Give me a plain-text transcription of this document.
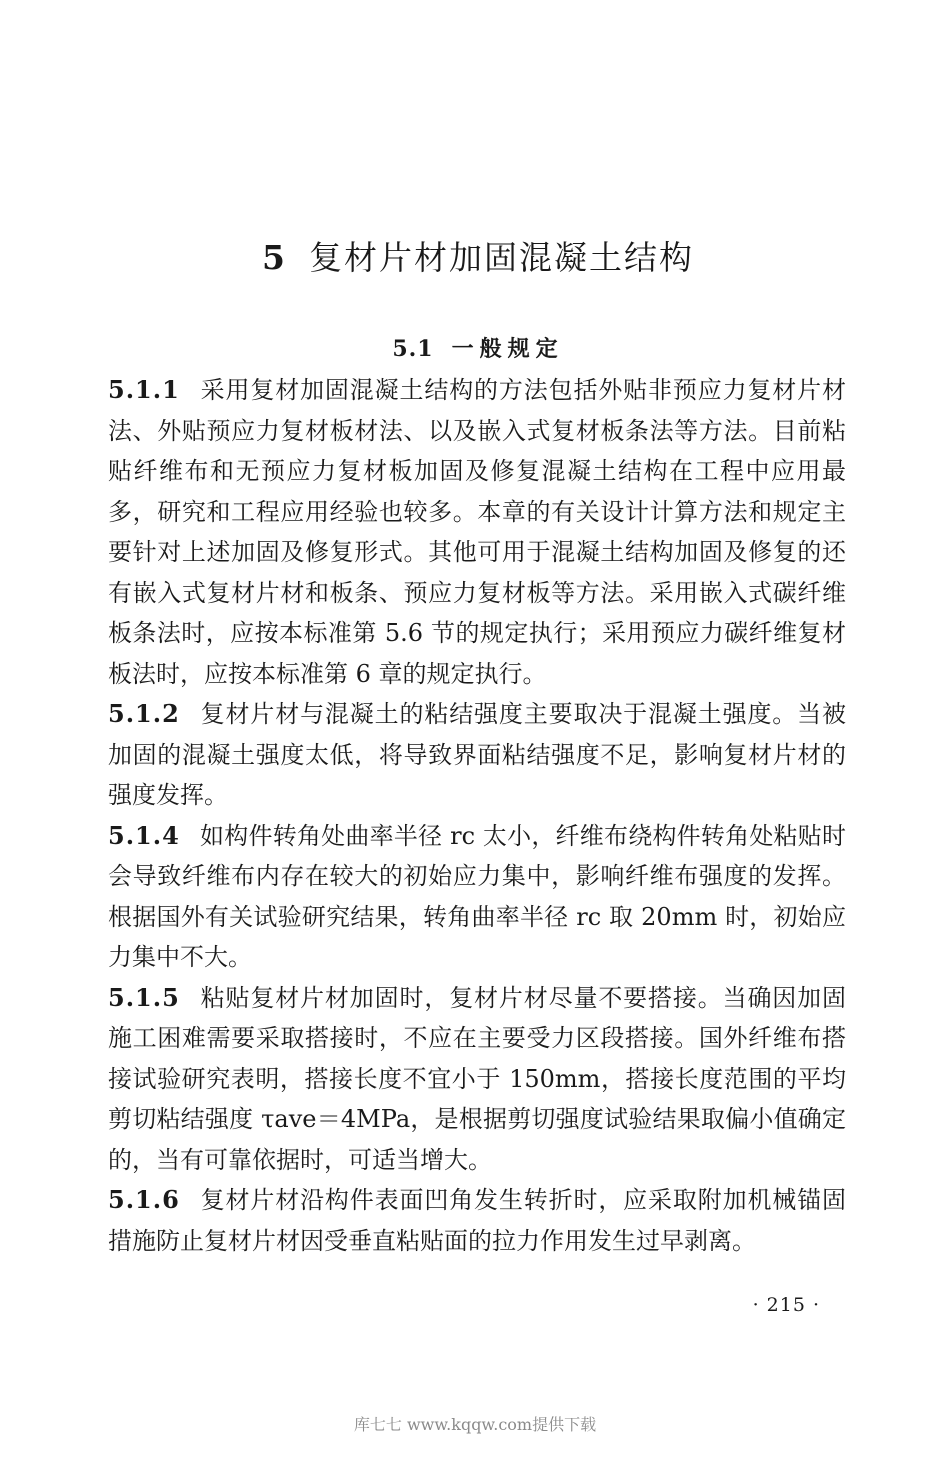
5 复材片材加固混凝土结构
5.1 一般规定

5.1.1 采用复材加固混凝土结构的方法包括外贴非预应力复材片材法、外贴预应力复材板材法、以及嵌入式复材板条法等方法。目前粘贴纤维布和无预应力复材板加固及修复混凝土结构在工程中应用最多，研究和工程应用经验也较多。本章的有关设计计算方法和规定主要针对上述加固及修复形式。其他可用于混凝土结构加固及修复的还有嵌入式复材片材和板条、预应力复材板等方法。采用嵌入式碳纤维板条法时，应按本标准第 5.6 节的规定执行；采用预应力碳纤维复材板法时，应按本标准第 6 章的规定执行。

5.1.2 复材片材与混凝土的粘结强度主要取决于混凝土强度。当被加固的混凝土强度太低，将导致界面粘结强度不足，影响复材片材的强度发挥。

5.1.4 如构件转角处曲率半径 rc 太小，纤维布绕构件转角处粘贴时会导致纤维布内存在较大的初始应力集中，影响纤维布强度的发挥。根据国外有关试验研究结果，转角曲率半径 rc 取 20mm 时，初始应力集中不大。

5.1.5 粘贴复材片材加固时，复材片材尽量不要搭接。当确因加固施工困难需要采取搭接时，不应在主要受力区段搭接。国外纤维布搭接试验研究表明，搭接长度不宜小于 150mm，搭接长度范围的平均剪切粘结强度 τave＝4MPa，是根据剪切强度试验结果取偏小值确定的，当有可靠依据时，可适当增大。

5.1.6 复材片材沿构件表面凹角发生转折时，应采取附加机械锚固措施防止复材片材因受垂直粘贴面的拉力作用发生过早剥离。

· 215 ·
库七七 www.kqqw.com提供下载
